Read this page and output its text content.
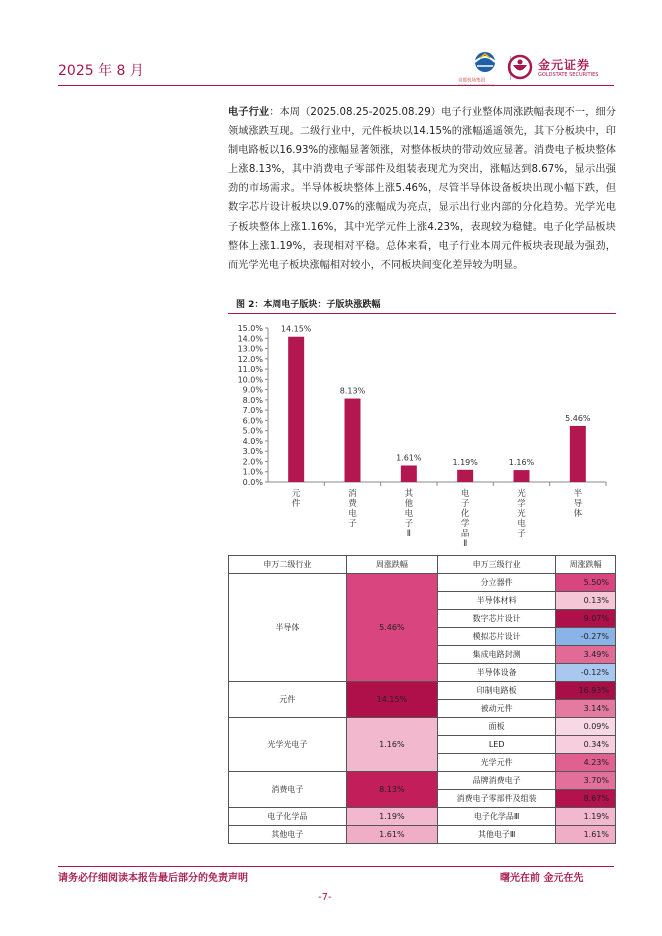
2025 年 8 月
首都机场集团
金元证券
GOLDSTATE SECURITIES
电子行业：本周（2025.08.25-2025.08.29）电子行业整体周涨跌幅表现不一，细分领域涨跌互现。二级行业中，元件板块以14.15%的涨幅遥遥领先，其下分板块中，印制电路板以16.93%的涨幅显著领涨，对整体板块的带动效应显著。消费电子板块整体上涨8.13%，其中消费电子零部件及组装表现尤为突出，涨幅达到8.67%，显示出强劲的市场需求。半导体板块整体上涨5.46%，尽管半导体设备板块出现小幅下跌，但数字芯片设计板块以9.07%的涨幅成为亮点，显示出行业内部的分化趋势。光学光电子板块整体上涨1.16%，其中光学元件上涨4.23%，表现较为稳健。电子化学品板块整体上涨1.19%，表现相对平稳。总体来看，电子行业本周元件板块表现最为强劲，而光学光电子板块涨幅相对较小，不同板块间变化差异较为明显。
图 2：本周电子版块：子版块涨跌幅
0.0%
1.0%
2.0%
3.0%
4.0%
5.0%
6.0%
7.0%
8.0%
9.0%
10.0%
11.0%
12.0%
13.0%
14.0%
15.0% 14.15%
元件
8.13%
消费电子
1.61%
其他电子 Ⅱ
1.19%
电子化学品 Ⅱ
1.16%
光学光电子
5.46%
半导体
申万二级行业	周涨跌幅	申万三级行业	周涨跌幅
半导体	5.46%	分立器件	5.50%
		半导体材料	0.13%
		数字芯片设计	9.07%
		模拟芯片设计	-0.27%
		集成电路封测	3.49%
		半导体设备	-0.12%
元件	14.15%	印制电路板	16.93%
		被动元件	3.14%
光学光电子	1.16%	面板	0.09%
		LED	0.34%
		光学元件	4.23%
消费电子	8.13%	品牌消费电子	3.70%
		消费电子零部件及组装	8.67%
电子化学品	1.19%	电子化学品Ⅲ	1.19%
其他电子	1.61%	其他电子Ⅲ	1.61%
请务必仔细阅读本报告最后部分的免责声明	曙光在前 金元在先
-7-
